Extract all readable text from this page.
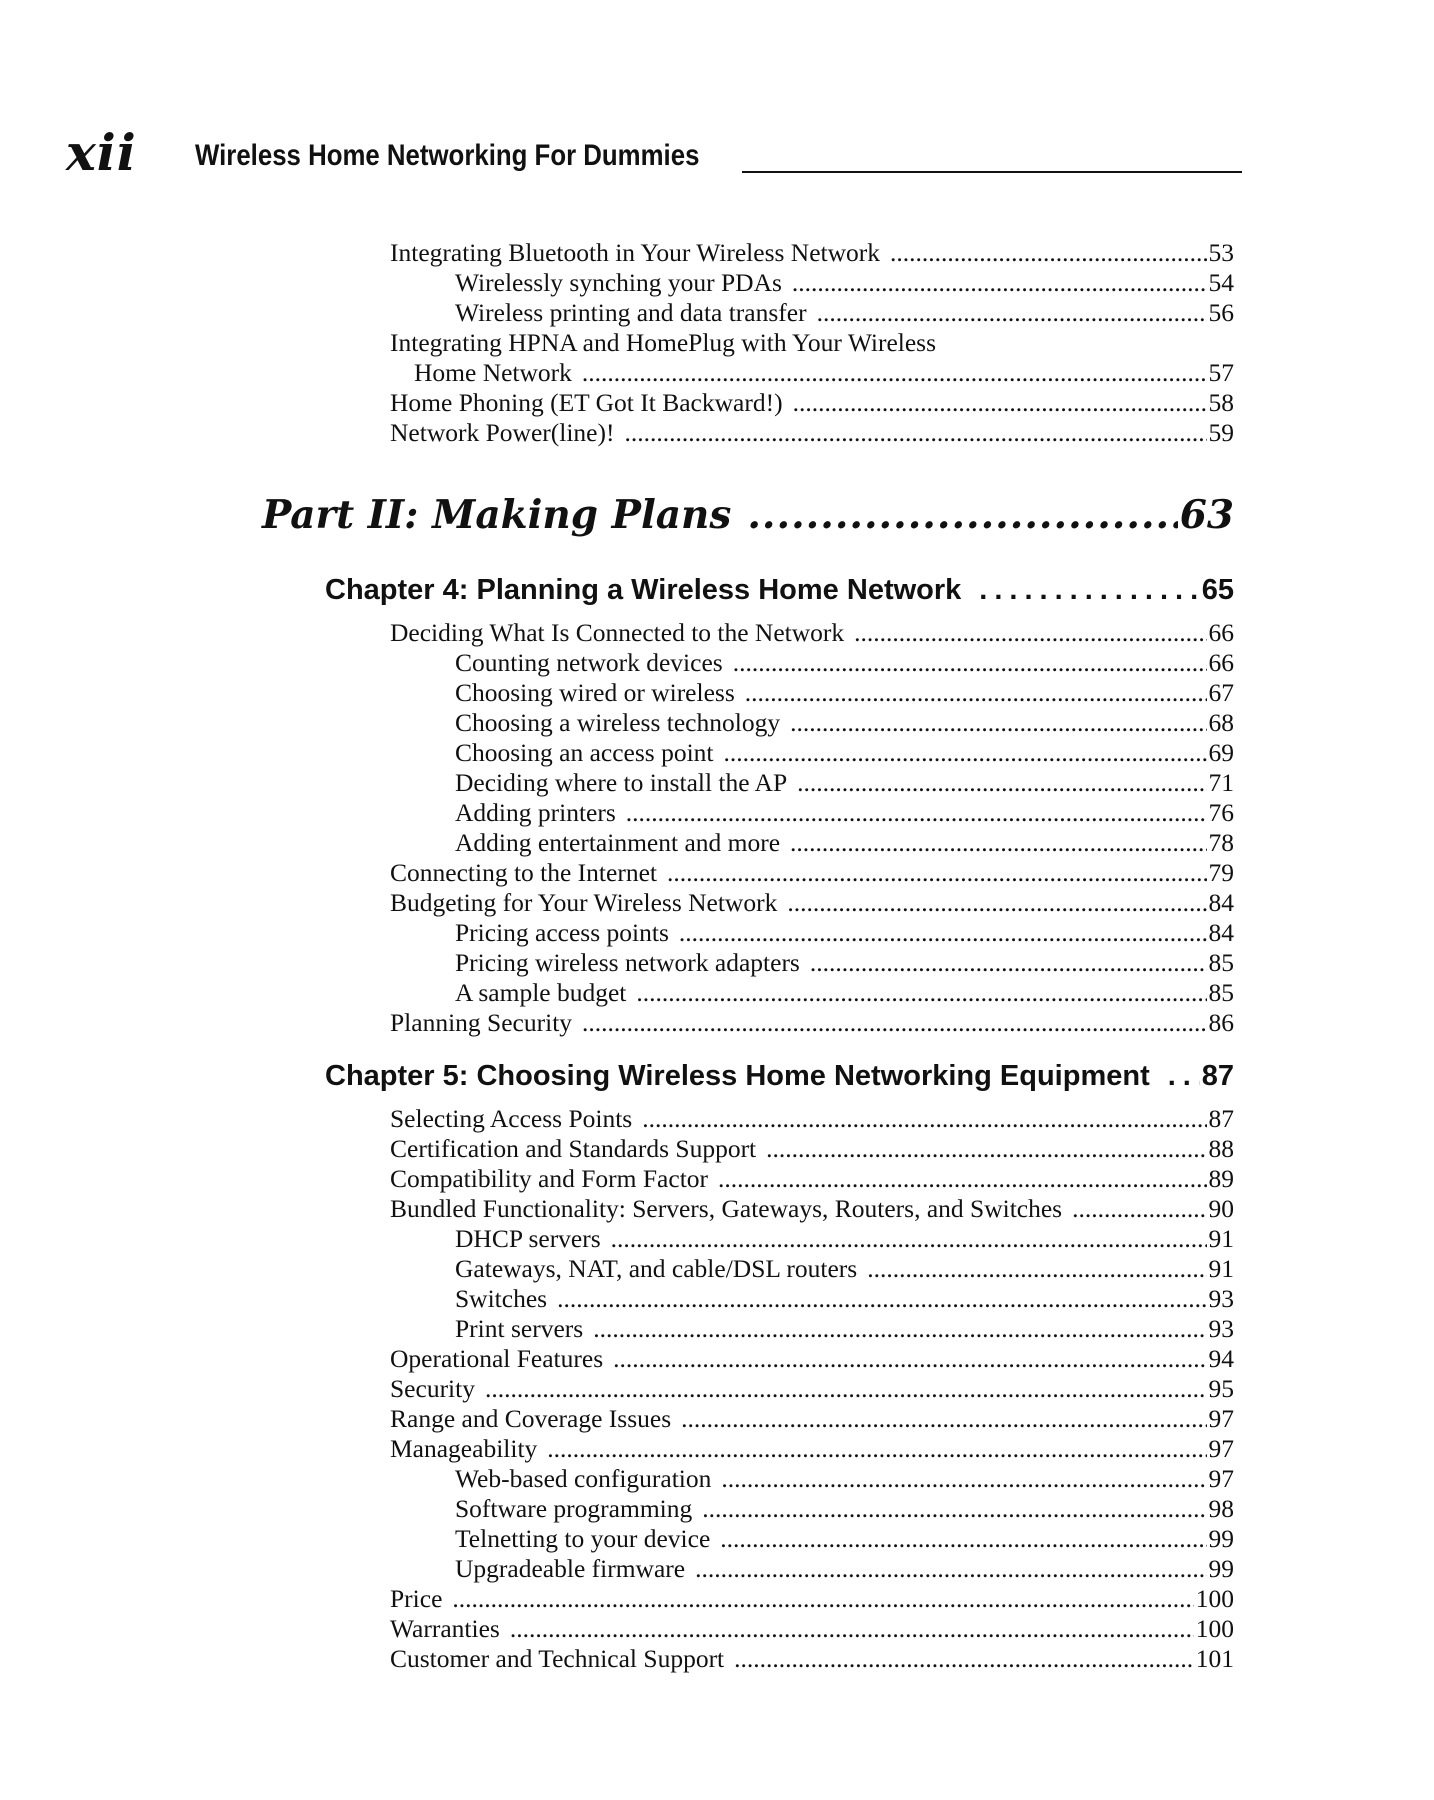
xii Wireless Home Networking For Dummies
Integrating Bluetooth in Your Wireless Network .....	53
Wirelessly synching your PDAs .....	54
Wireless printing and data transfer .....	56
Integrating HPNA and HomePlug with Your Wireless
Home Network .....	57
Home Phoning (ET Got It Backward!) .....	58
Network Power(line)! .....	59
Part II: Making Plans .....	63
Chapter 4: Planning a Wireless Home Network .....	65
Deciding What Is Connected to the Network .....	66
Counting network devices .....	66
Choosing wired or wireless .....	67
Choosing a wireless technology .....	68
Choosing an access point .....	69
Deciding where to install the AP .....	71
Adding printers .....	76
Adding entertainment and more .....	78
Connecting to the Internet .....	79
Budgeting for Your Wireless Network .....	84
Pricing access points .....	84
Pricing wireless network adapters .....	85
A sample budget .....	85
Planning Security .....	86
Chapter 5: Choosing Wireless Home Networking Equipment ..... 87
Selecting Access Points .....	87
Certification and Standards Support .....	88
Compatibility and Form Factor .....	89
Bundled Functionality: Servers, Gateways, Routers, and Switches .....	90
DHCP servers .....	91
Gateways, NAT, and cable/DSL routers .....	91
Switches .....	93
Print servers .....	93
Operational Features .....	94
Security .....	95
Range and Coverage Issues .....	97
Manageability .....	97
Web-based configuration .....	97
Software programming .....	98
Telnetting to your device .....	99
Upgradeable firmware .....	99
Price .....	100
Warranties .....	100
Customer and Technical Support .....	101
